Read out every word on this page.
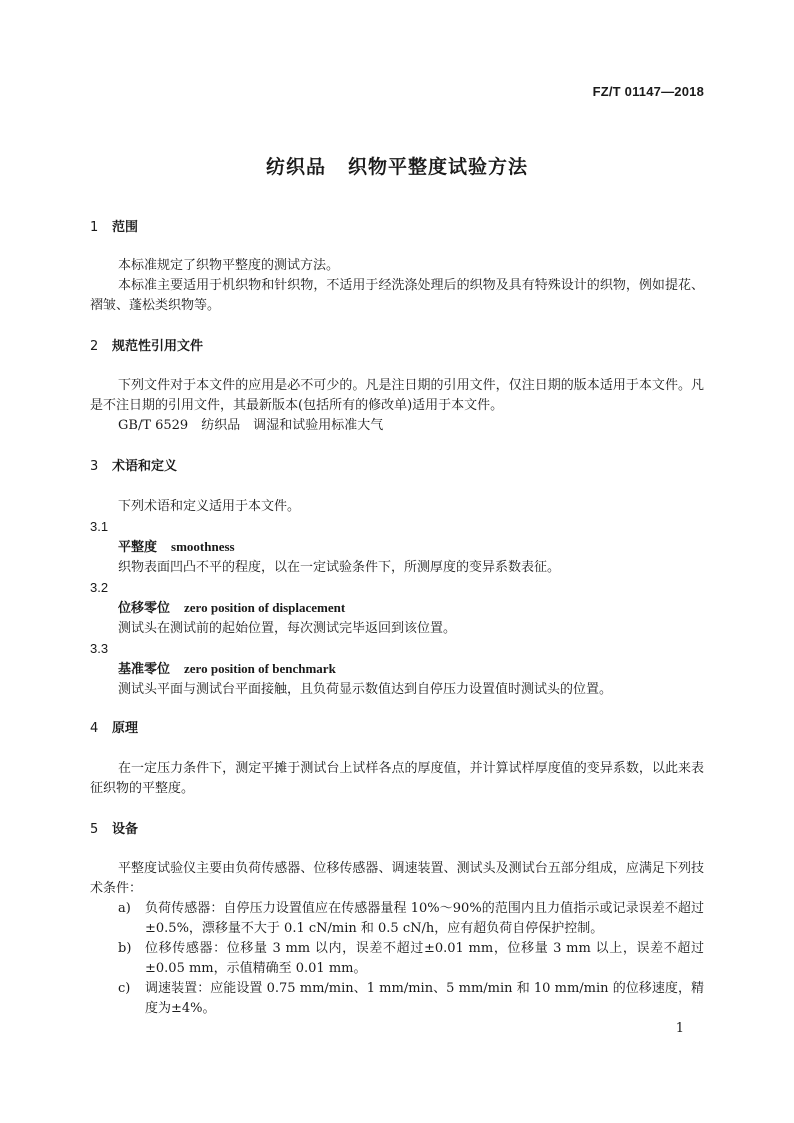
FZ/T 01147—2018
纺织品 织物平整度试验方法
1 范围
本标准规定了织物平整度的测试方法。
本标准主要适用于机织物和针织物，不适用于经洗涤处理后的织物及具有特殊设计的织物，例如提花、褶皱、蓬松类织物等。
2 规范性引用文件
下列文件对于本文件的应用是必不可少的。凡是注日期的引用文件，仅注日期的版本适用于本文件。凡是不注日期的引用文件，其最新版本(包括所有的修改单)适用于本文件。
GB/T 6529　纺织品　调湿和试验用标准大气
3 术语和定义
下列术语和定义适用于本文件。
3.1
平整度 smoothness
织物表面凹凸不平的程度，以在一定试验条件下，所测厚度的变异系数表征。
3.2
位移零位 zero position of displacement
测试头在测试前的起始位置，每次测试完毕返回到该位置。
3.3
基准零位 zero position of benchmark
测试头平面与测试台平面接触，且负荷显示数值达到自停压力设置值时测试头的位置。
4 原理
在一定压力条件下，测定平摊于测试台上试样各点的厚度值，并计算试样厚度值的变异系数，以此来表征织物的平整度。
5 设备
平整度试验仪主要由负荷传感器、位移传感器、调速装置、测试头及测试台五部分组成，应满足下列技术条件：
a) 负荷传感器：自停压力设置值应在传感器量程 10%～90%的范围内且力值指示或记录误差不超过±0.5%，漂移量不大于 0.1 cN/min 和 0.5 cN/h，应有超负荷自停保护控制。
b) 位移传感器：位移量 3 mm 以内，误差不超过±0.01 mm，位移量 3 mm 以上，误差不超过±0.05 mm，示值精确至 0.01 mm。
c) 调速装置：应能设置 0.75 mm/min、1 mm/min、5 mm/min 和 10 mm/min 的位移速度，精度为±4%。
1
